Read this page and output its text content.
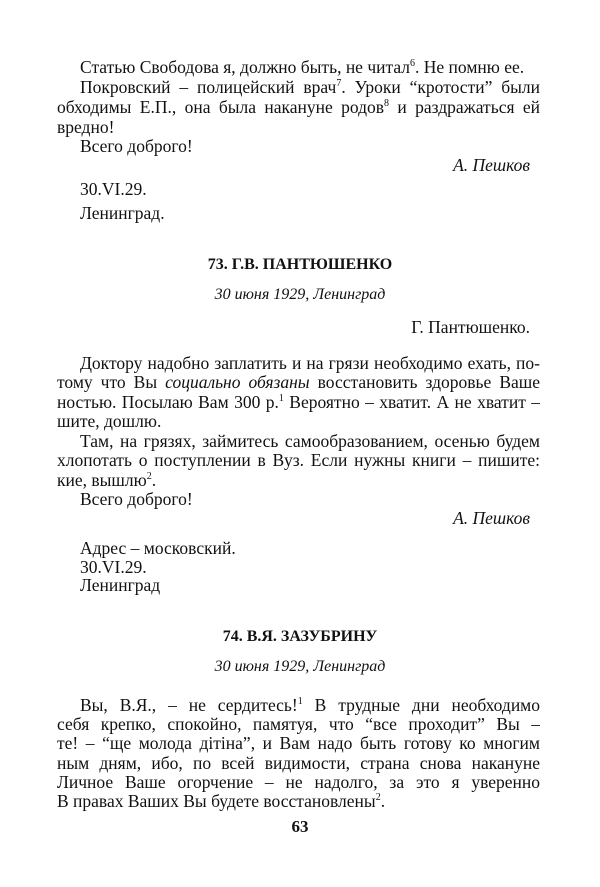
Статью Свободова я, должно быть, не читал$^6$. Не помню ее.
Покровский – полицейский врач$^7$. Уроки “кротости” были
обходимы Е.П., она была накануне родов$^8$ и раздражаться ей
вредно!
Всего доброго!
А. Пешков
30.VI.29.
Ленинград.
73. Г.В. ПАНТЮШЕНКО
30 июня 1929, Ленинград
Г. Пантюшенко.
Доктору надобно заплатить и на грязи необходимо ехать, по-
тому что Вы социально обязаны восстановить здоровье Ваше
ностью. Посылаю Вам 300 р.$^1$ Вероятно – хватит. А не хватит –
шите, дошлю.
Там, на грязях, займитесь самообразованием, осенью будем
хлопотать о поступлении в Вуз. Если нужны книги – пишите:
кие, вышлю$^2$.
Всего доброго!
А. Пешков
Адрес – московский.
30.VI.29.
Ленинград
74. В.Я. ЗАЗУБРИНУ
30 июня 1929, Ленинград
Вы, В.Я., – не сердитесь!$^1$ В трудные дни необходимо
себя крепко, спокойно, памятуя, что “все проходит” Вы –
те! – “ще молода дітіна”, и Вам надо быть готову ко многим
ным дням, ибо, по всей видимости, страна снова накануне
Личное Ваше огорчение – не надолго, за это я уверенно
В правах Ваших Вы будете восстановлены$^2$.
63
